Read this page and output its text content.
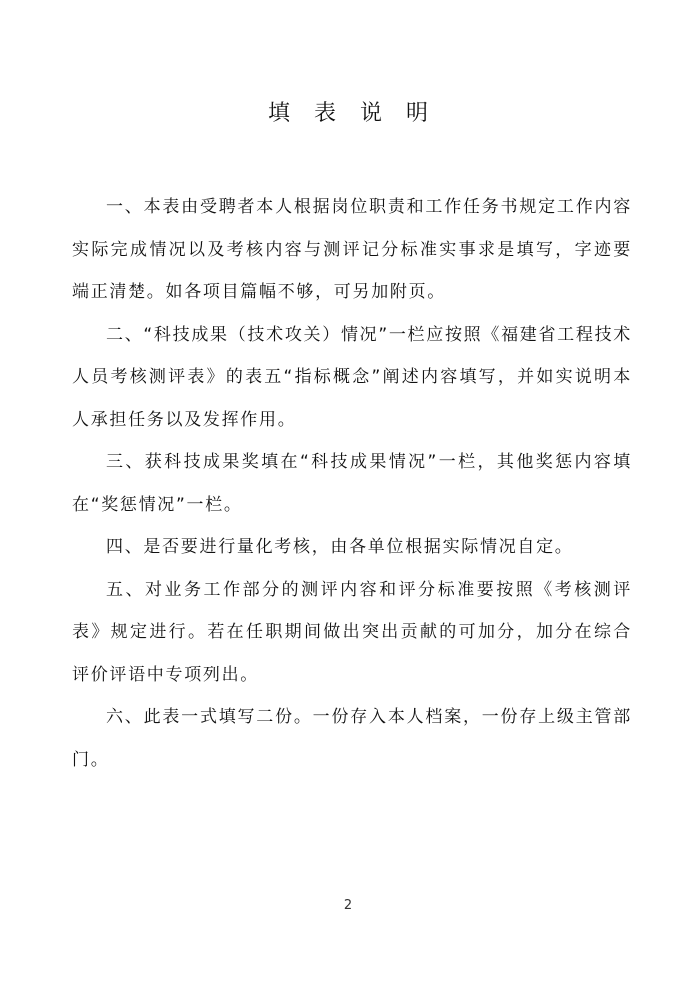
填表说明

一、本表由受聘者本人根据岗位职责和工作任务书规定工作内容实际完成情况以及考核内容与测评记分标准实事求是填写，字迹要端正清楚。如各项目篇幅不够，可另加附页。

二、“科技成果（技术攻关）情况”一栏应按照《福建省工程技术人员考核测评表》的表五“指标概念”阐述内容填写，并如实说明本人承担任务以及发挥作用。

三、获科技成果奖填在“科技成果情况”一栏，其他奖惩内容填在“奖惩情况”一栏。

四、是否要进行量化考核，由各单位根据实际情况自定。

五、对业务工作部分的测评内容和评分标准要按照《考核测评表》规定进行。若在任职期间做出突出贡献的可加分，加分在综合评价评语中专项列出。

六、此表一式填写二份。一份存入本人档案，一份存上级主管部门。

2
